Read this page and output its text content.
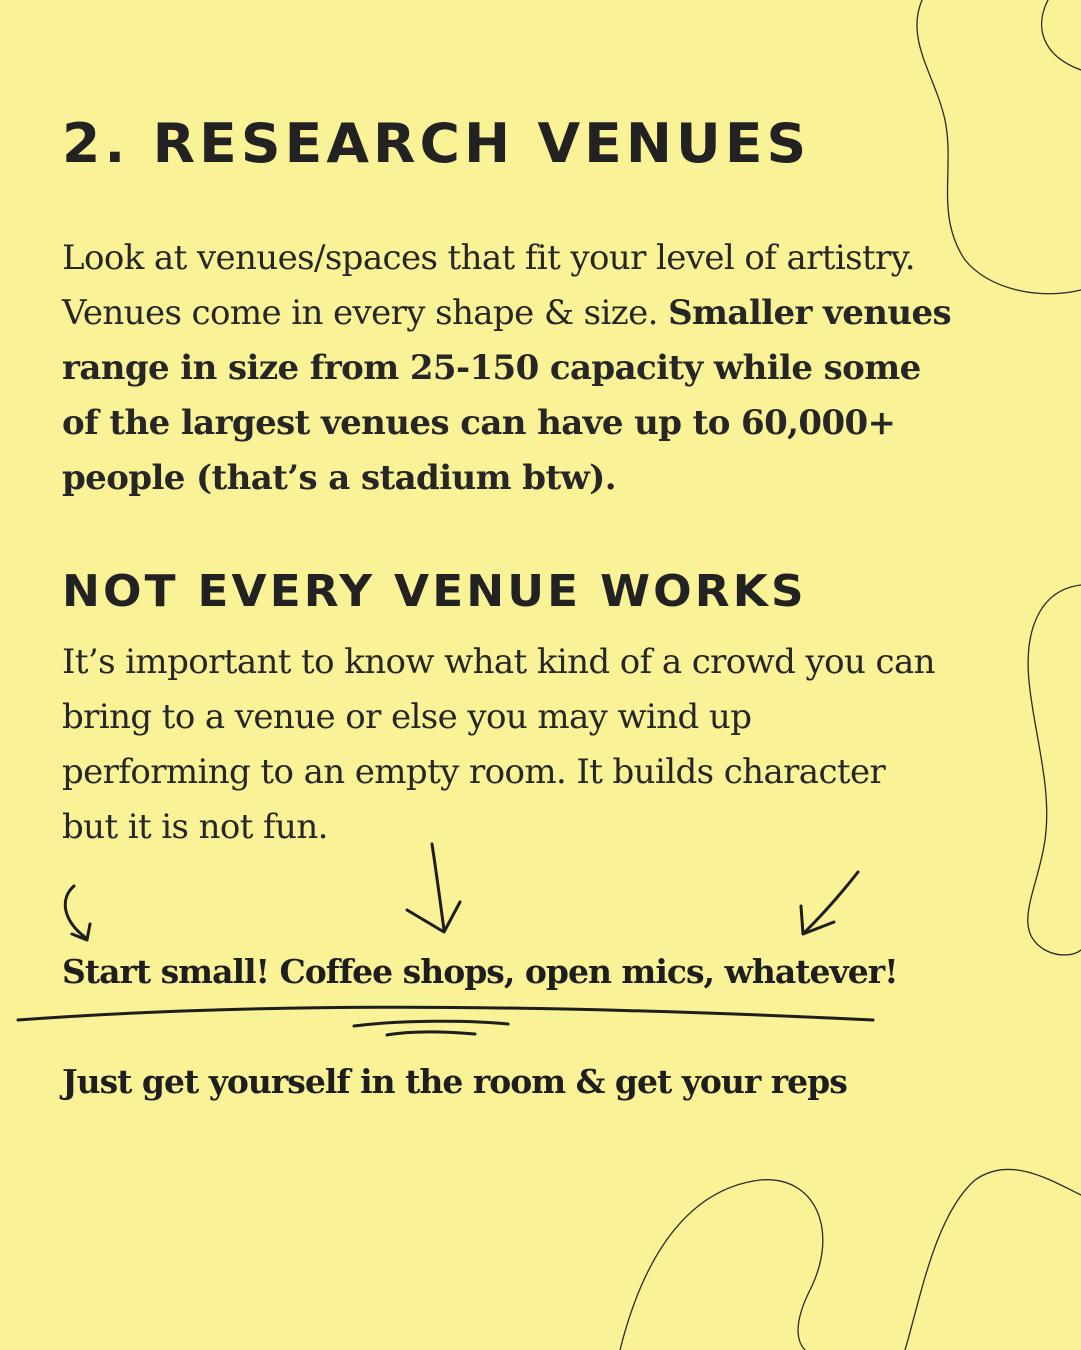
2. RESEARCH VENUES

Look at venues/spaces that fit your level of artistry. Venues come in every shape & size. Smaller venues range in size from 25-150 capacity while some of the largest venues can have up to 60,000+ people (that’s a stadium btw).

NOT EVERY VENUE WORKS

It’s important to know what kind of a crowd you can bring to a venue or else you may wind up performing to an empty room. It builds character but it is not fun.

Start small! Coffee shops, open mics, whatever!

Just get yourself in the room & get your reps
